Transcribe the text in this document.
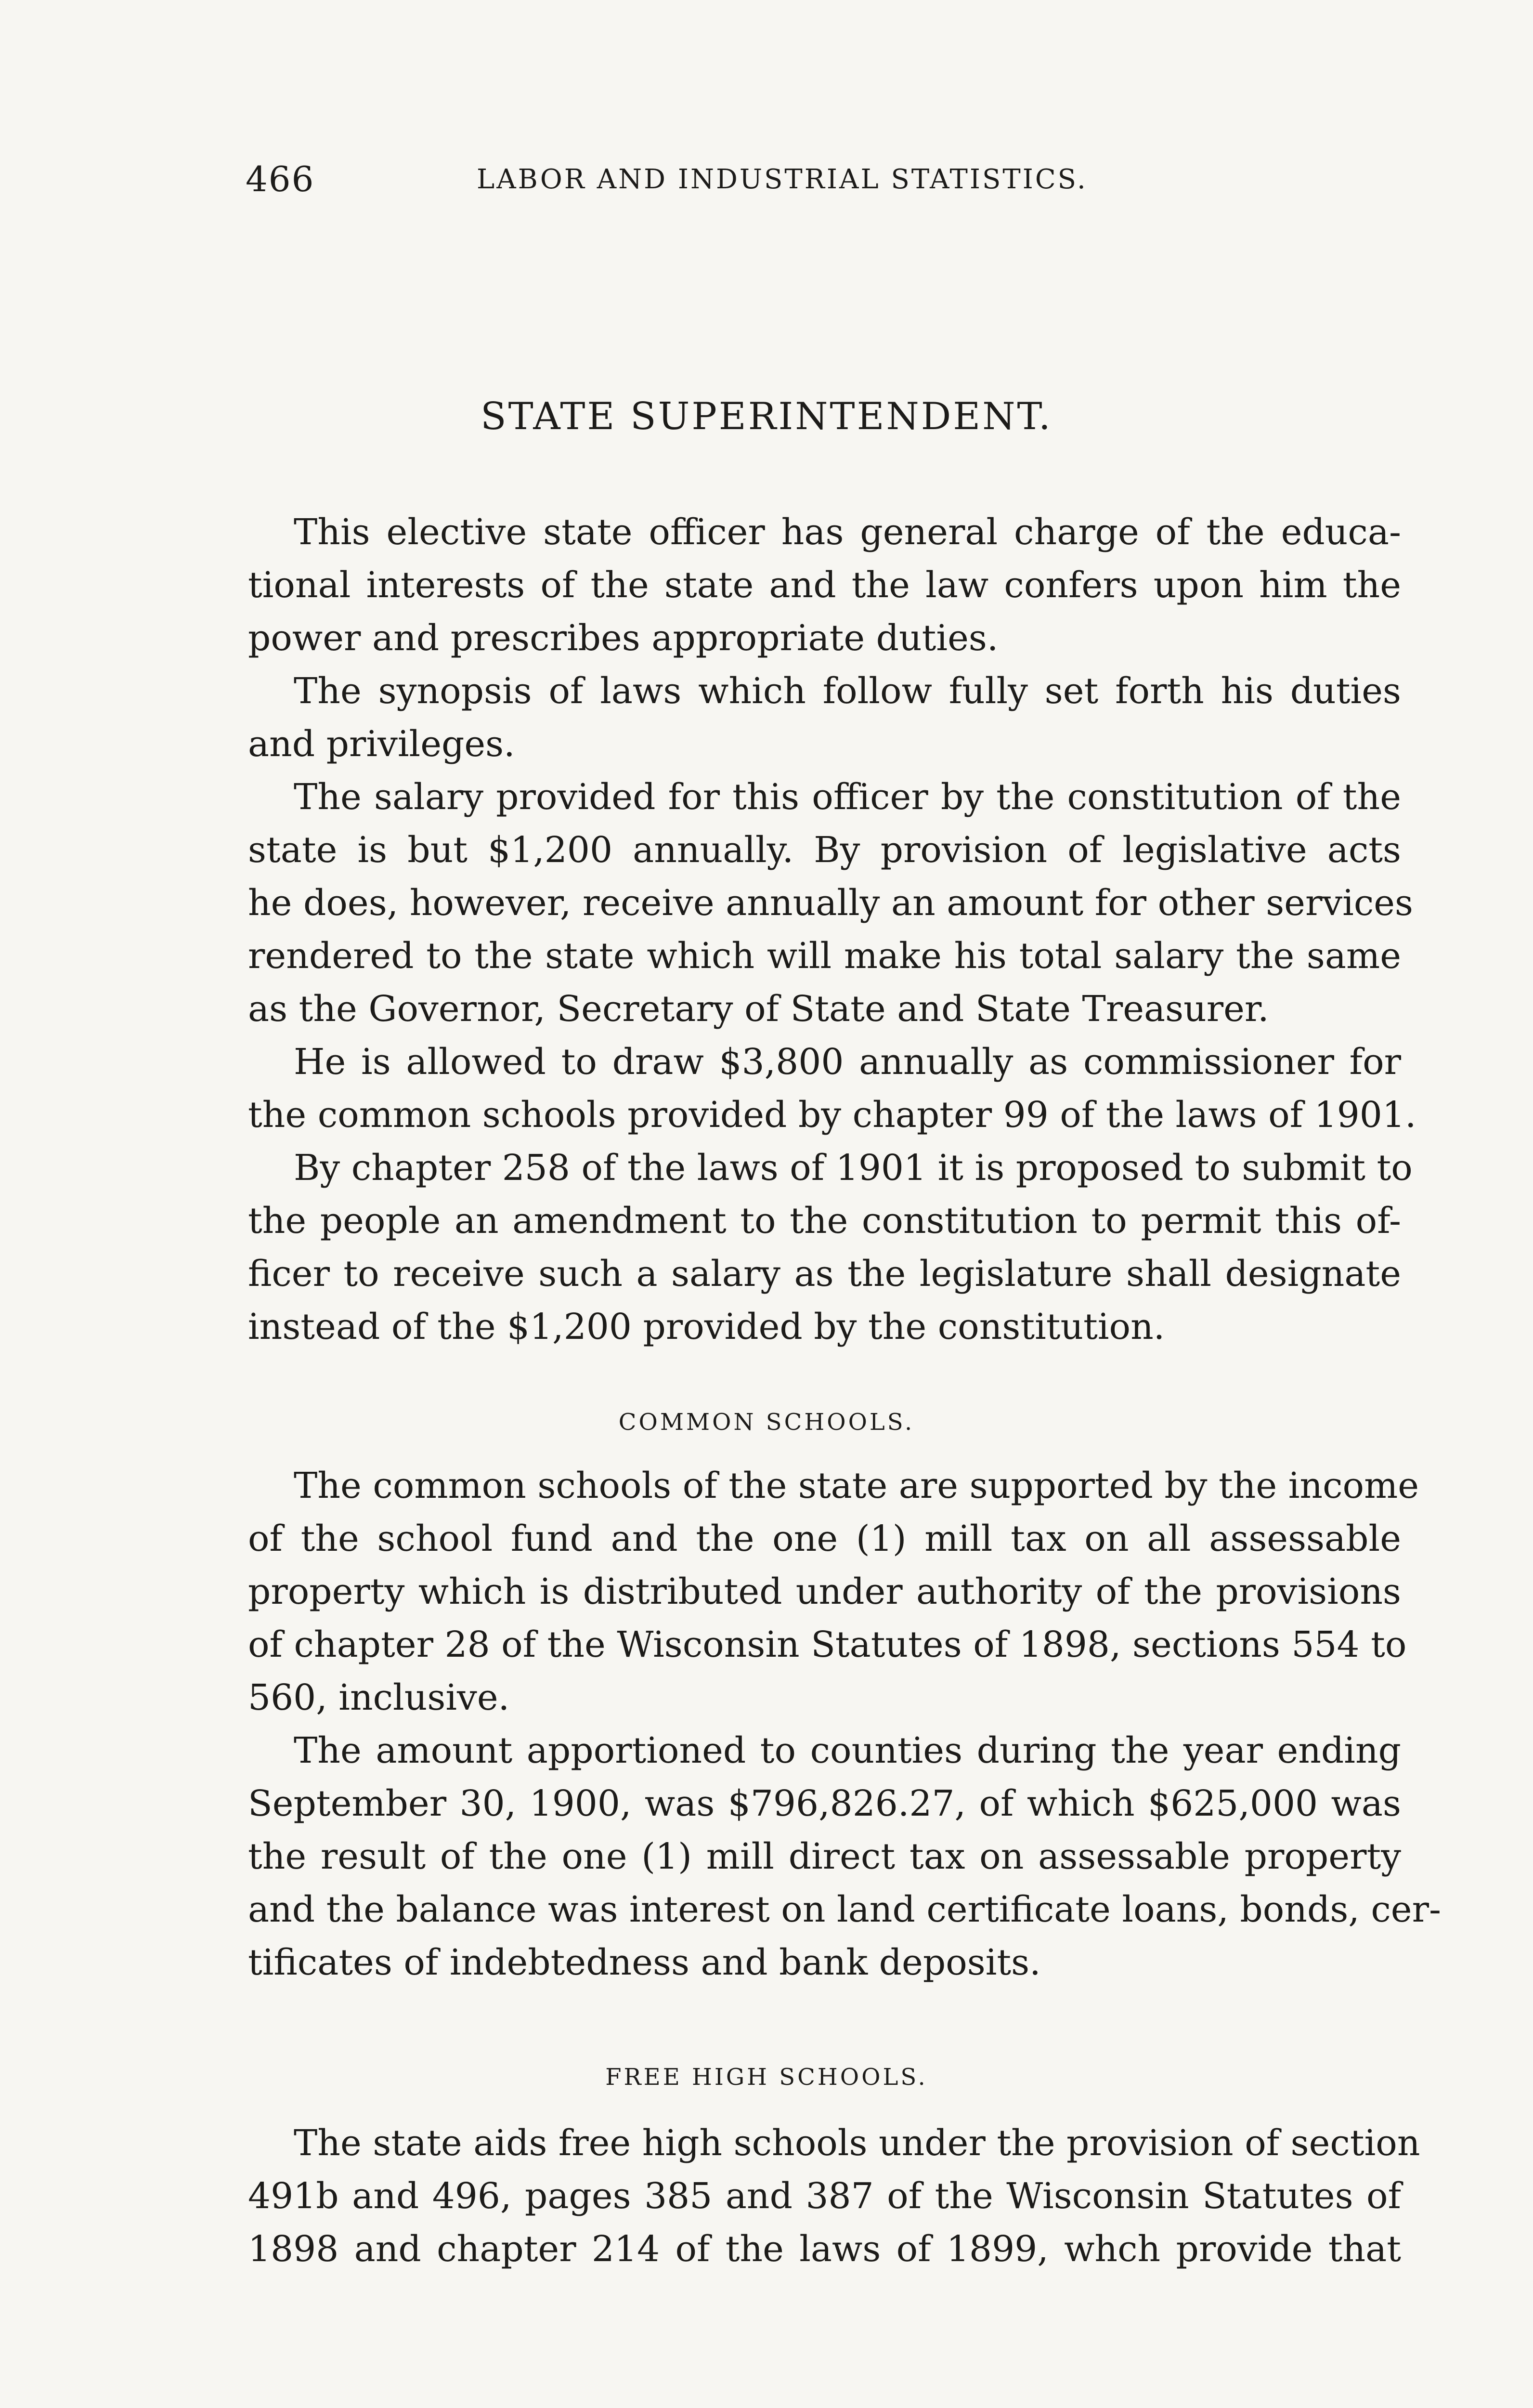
466	LABOR AND INDUSTRIAL STATISTICS.
STATE SUPERINTENDENT.
This elective state officer has general charge of the educa-
tional interests of the state and the law confers upon him the
power and prescribes appropriate duties.
The synopsis of laws which follow fully set forth his duties
and privileges.
The salary provided for this officer by the constitution of the
state is but $1,200 annually. By provision of legislative acts
he does, however, receive annually an amount for other services
rendered to the state which will make his total salary the same
as the Governor, Secretary of State and State Treasurer.
He is allowed to draw $3,800 annually as commissioner for
the common schools provided by chapter 99 of the laws of 1901.
By chapter 258 of the laws of 1901 it is proposed to submit to
the people an amendment to the constitution to permit this of-
ficer to receive such a salary as the legislature shall designate
instead of the $1,200 provided by the constitution.
COMMON SCHOOLS.
The common schools of the state are supported by the income
of the school fund and the one (1) mill tax on all assessable
property which is distributed under authority of the provisions
of chapter 28 of the Wisconsin Statutes of 1898, sections 554 to
560, inclusive.
The amount apportioned to counties during the year ending
September 30, 1900, was $796,826.27, of which $625,000 was
the result of the one (1) mill direct tax on assessable property
and the balance was interest on land certificate loans, bonds, cer-
tificates of indebtedness and bank deposits.
FREE HIGH SCHOOLS.
The state aids free high schools under the provision of section
491b and 496, pages 385 and 387 of the Wisconsin Statutes of
1898 and chapter 214 of the laws of 1899, whch provide that
